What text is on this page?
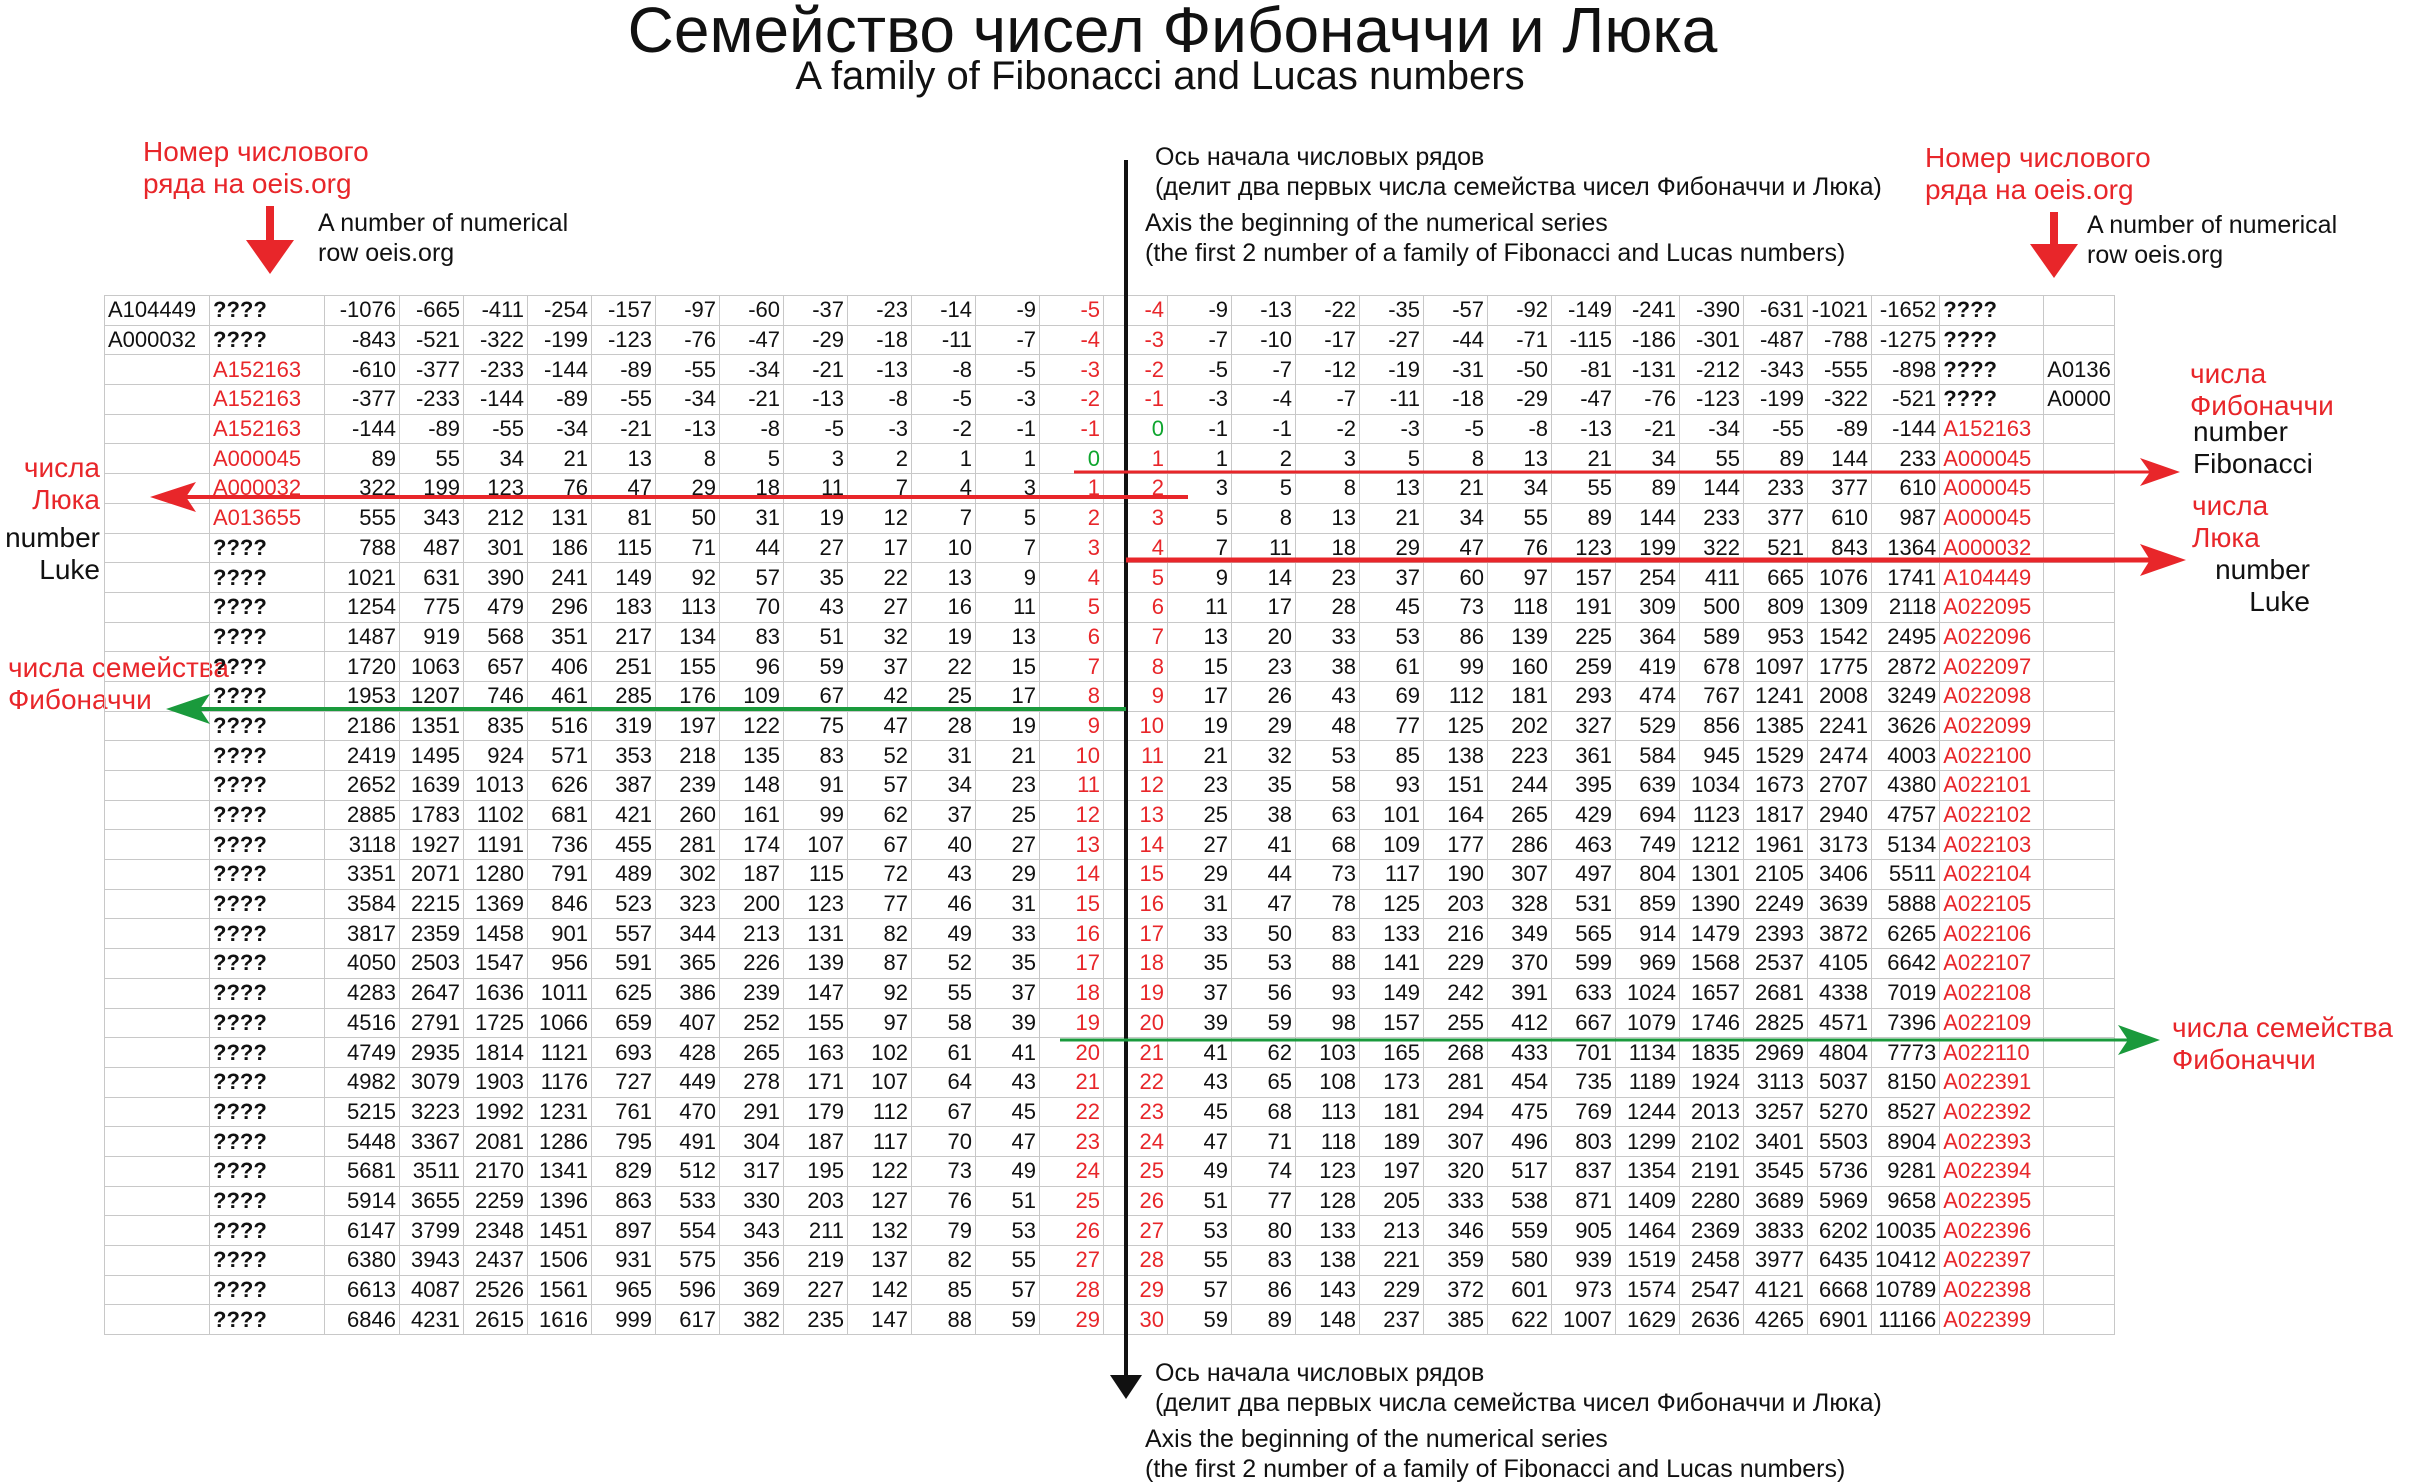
Семейство чисел Фибоначчи и Люка
A family of Fibonacci and Lucas numbers
Номер числового
ряда на oeis.org
A number of numerical
row oeis.org
Номер числового
ряда на oeis.org
A number of numerical
row oeis.org
Ось начала числовых рядов
(делит два первых числа семейства чисел Фибоначчи и Люка)
Axis the beginning of the numerical series
(the first 2 number of a family of Fibonacci and Lucas numbers)
Ось начала числовых рядов
(делит два первых числа семейства чисел Фибоначчи и Люка)
Axis the beginning of the numerical series
(the first 2 number of a family of Fibonacci and Lucas numbers)
числа
Люка
number
Luke
числа семейства
Фибоначчи
числа
Фибоначчи
number
Fibonacci
числа
Люка
number
Luke
числа семейства
Фибоначчи
A104449	????	-1076	-665	-411	-254	-157	-97	-60	-37	-23	-14	-9	-5	-4	-9	-13	-22	-35	-57	-92	-149	-241	-390	-631	-1021	-1652	????	
A000032	????	-843	-521	-322	-199	-123	-76	-47	-29	-18	-11	-7	-4	-3	-7	-10	-17	-27	-44	-71	-115	-186	-301	-487	-788	-1275	????	
	A152163	-610	-377	-233	-144	-89	-55	-34	-21	-13	-8	-5	-3	-2	-5	-7	-12	-19	-31	-50	-81	-131	-212	-343	-555	-898	????	A0136
	A152163	-377	-233	-144	-89	-55	-34	-21	-13	-8	-5	-3	-2	-1	-3	-4	-7	-11	-18	-29	-47	-76	-123	-199	-322	-521	????	A0000
	A152163	-144	-89	-55	-34	-21	-13	-8	-5	-3	-2	-1	-1	0	-1	-1	-2	-3	-5	-8	-13	-21	-34	-55	-89	-144	A152163	
	A000045	89	55	34	21	13	8	5	3	2	1	1	0	1	1	2	3	5	8	13	21	34	55	89	144	233	A000045	
	A000032	322	199	123	76	47	29	18	11	7	4	3	1	2	3	5	8	13	21	34	55	89	144	233	377	610	A000045	
	A013655	555	343	212	131	81	50	31	19	12	7	5	2	3	5	8	13	21	34	55	89	144	233	377	610	987	A000045	
	????	788	487	301	186	115	71	44	27	17	10	7	3	4	7	11	18	29	47	76	123	199	322	521	843	1364	A000032	
	????	1021	631	390	241	149	92	57	35	22	13	9	4	5	9	14	23	37	60	97	157	254	411	665	1076	1741	A104449	
	????	1254	775	479	296	183	113	70	43	27	16	11	5	6	11	17	28	45	73	118	191	309	500	809	1309	2118	A022095	
	????	1487	919	568	351	217	134	83	51	32	19	13	6	7	13	20	33	53	86	139	225	364	589	953	1542	2495	A022096	
	????	1720	1063	657	406	251	155	96	59	37	22	15	7	8	15	23	38	61	99	160	259	419	678	1097	1775	2872	A022097	
	????	1953	1207	746	461	285	176	109	67	42	25	17	8	9	17	26	43	69	112	181	293	474	767	1241	2008	3249	A022098	
	????	2186	1351	835	516	319	197	122	75	47	28	19	9	10	19	29	48	77	125	202	327	529	856	1385	2241	3626	A022099	
	????	2419	1495	924	571	353	218	135	83	52	31	21	10	11	21	32	53	85	138	223	361	584	945	1529	2474	4003	A022100	
	????	2652	1639	1013	626	387	239	148	91	57	34	23	11	12	23	35	58	93	151	244	395	639	1034	1673	2707	4380	A022101	
	????	2885	1783	1102	681	421	260	161	99	62	37	25	12	13	25	38	63	101	164	265	429	694	1123	1817	2940	4757	A022102	
	????	3118	1927	1191	736	455	281	174	107	67	40	27	13	14	27	41	68	109	177	286	463	749	1212	1961	3173	5134	A022103	
	????	3351	2071	1280	791	489	302	187	115	72	43	29	14	15	29	44	73	117	190	307	497	804	1301	2105	3406	5511	A022104	
	????	3584	2215	1369	846	523	323	200	123	77	46	31	15	16	31	47	78	125	203	328	531	859	1390	2249	3639	5888	A022105	
	????	3817	2359	1458	901	557	344	213	131	82	49	33	16	17	33	50	83	133	216	349	565	914	1479	2393	3872	6265	A022106	
	????	4050	2503	1547	956	591	365	226	139	87	52	35	17	18	35	53	88	141	229	370	599	969	1568	2537	4105	6642	A022107	
	????	4283	2647	1636	1011	625	386	239	147	92	55	37	18	19	37	56	93	149	242	391	633	1024	1657	2681	4338	7019	A022108	
	????	4516	2791	1725	1066	659	407	252	155	97	58	39	19	20	39	59	98	157	255	412	667	1079	1746	2825	4571	7396	A022109	
	????	4749	2935	1814	1121	693	428	265	163	102	61	41	20	21	41	62	103	165	268	433	701	1134	1835	2969	4804	7773	A022110	
	????	4982	3079	1903	1176	727	449	278	171	107	64	43	21	22	43	65	108	173	281	454	735	1189	1924	3113	5037	8150	A022391	
	????	5215	3223	1992	1231	761	470	291	179	112	67	45	22	23	45	68	113	181	294	475	769	1244	2013	3257	5270	8527	A022392	
	????	5448	3367	2081	1286	795	491	304	187	117	70	47	23	24	47	71	118	189	307	496	803	1299	2102	3401	5503	8904	A022393	
	????	5681	3511	2170	1341	829	512	317	195	122	73	49	24	25	49	74	123	197	320	517	837	1354	2191	3545	5736	9281	A022394	
	????	5914	3655	2259	1396	863	533	330	203	127	76	51	25	26	51	77	128	205	333	538	871	1409	2280	3689	5969	9658	A022395	
	????	6147	3799	2348	1451	897	554	343	211	132	79	53	26	27	53	80	133	213	346	559	905	1464	2369	3833	6202	10035	A022396	
	????	6380	3943	2437	1506	931	575	356	219	137	82	55	27	28	55	83	138	221	359	580	939	1519	2458	3977	6435	10412	A022397	
	????	6613	4087	2526	1561	965	596	369	227	142	85	57	28	29	57	86	143	229	372	601	973	1574	2547	4121	6668	10789	A022398	
	????	6846	4231	2615	1616	999	617	382	235	147	88	59	29	30	59	89	148	237	385	622	1007	1629	2636	4265	6901	11166	A022399	
